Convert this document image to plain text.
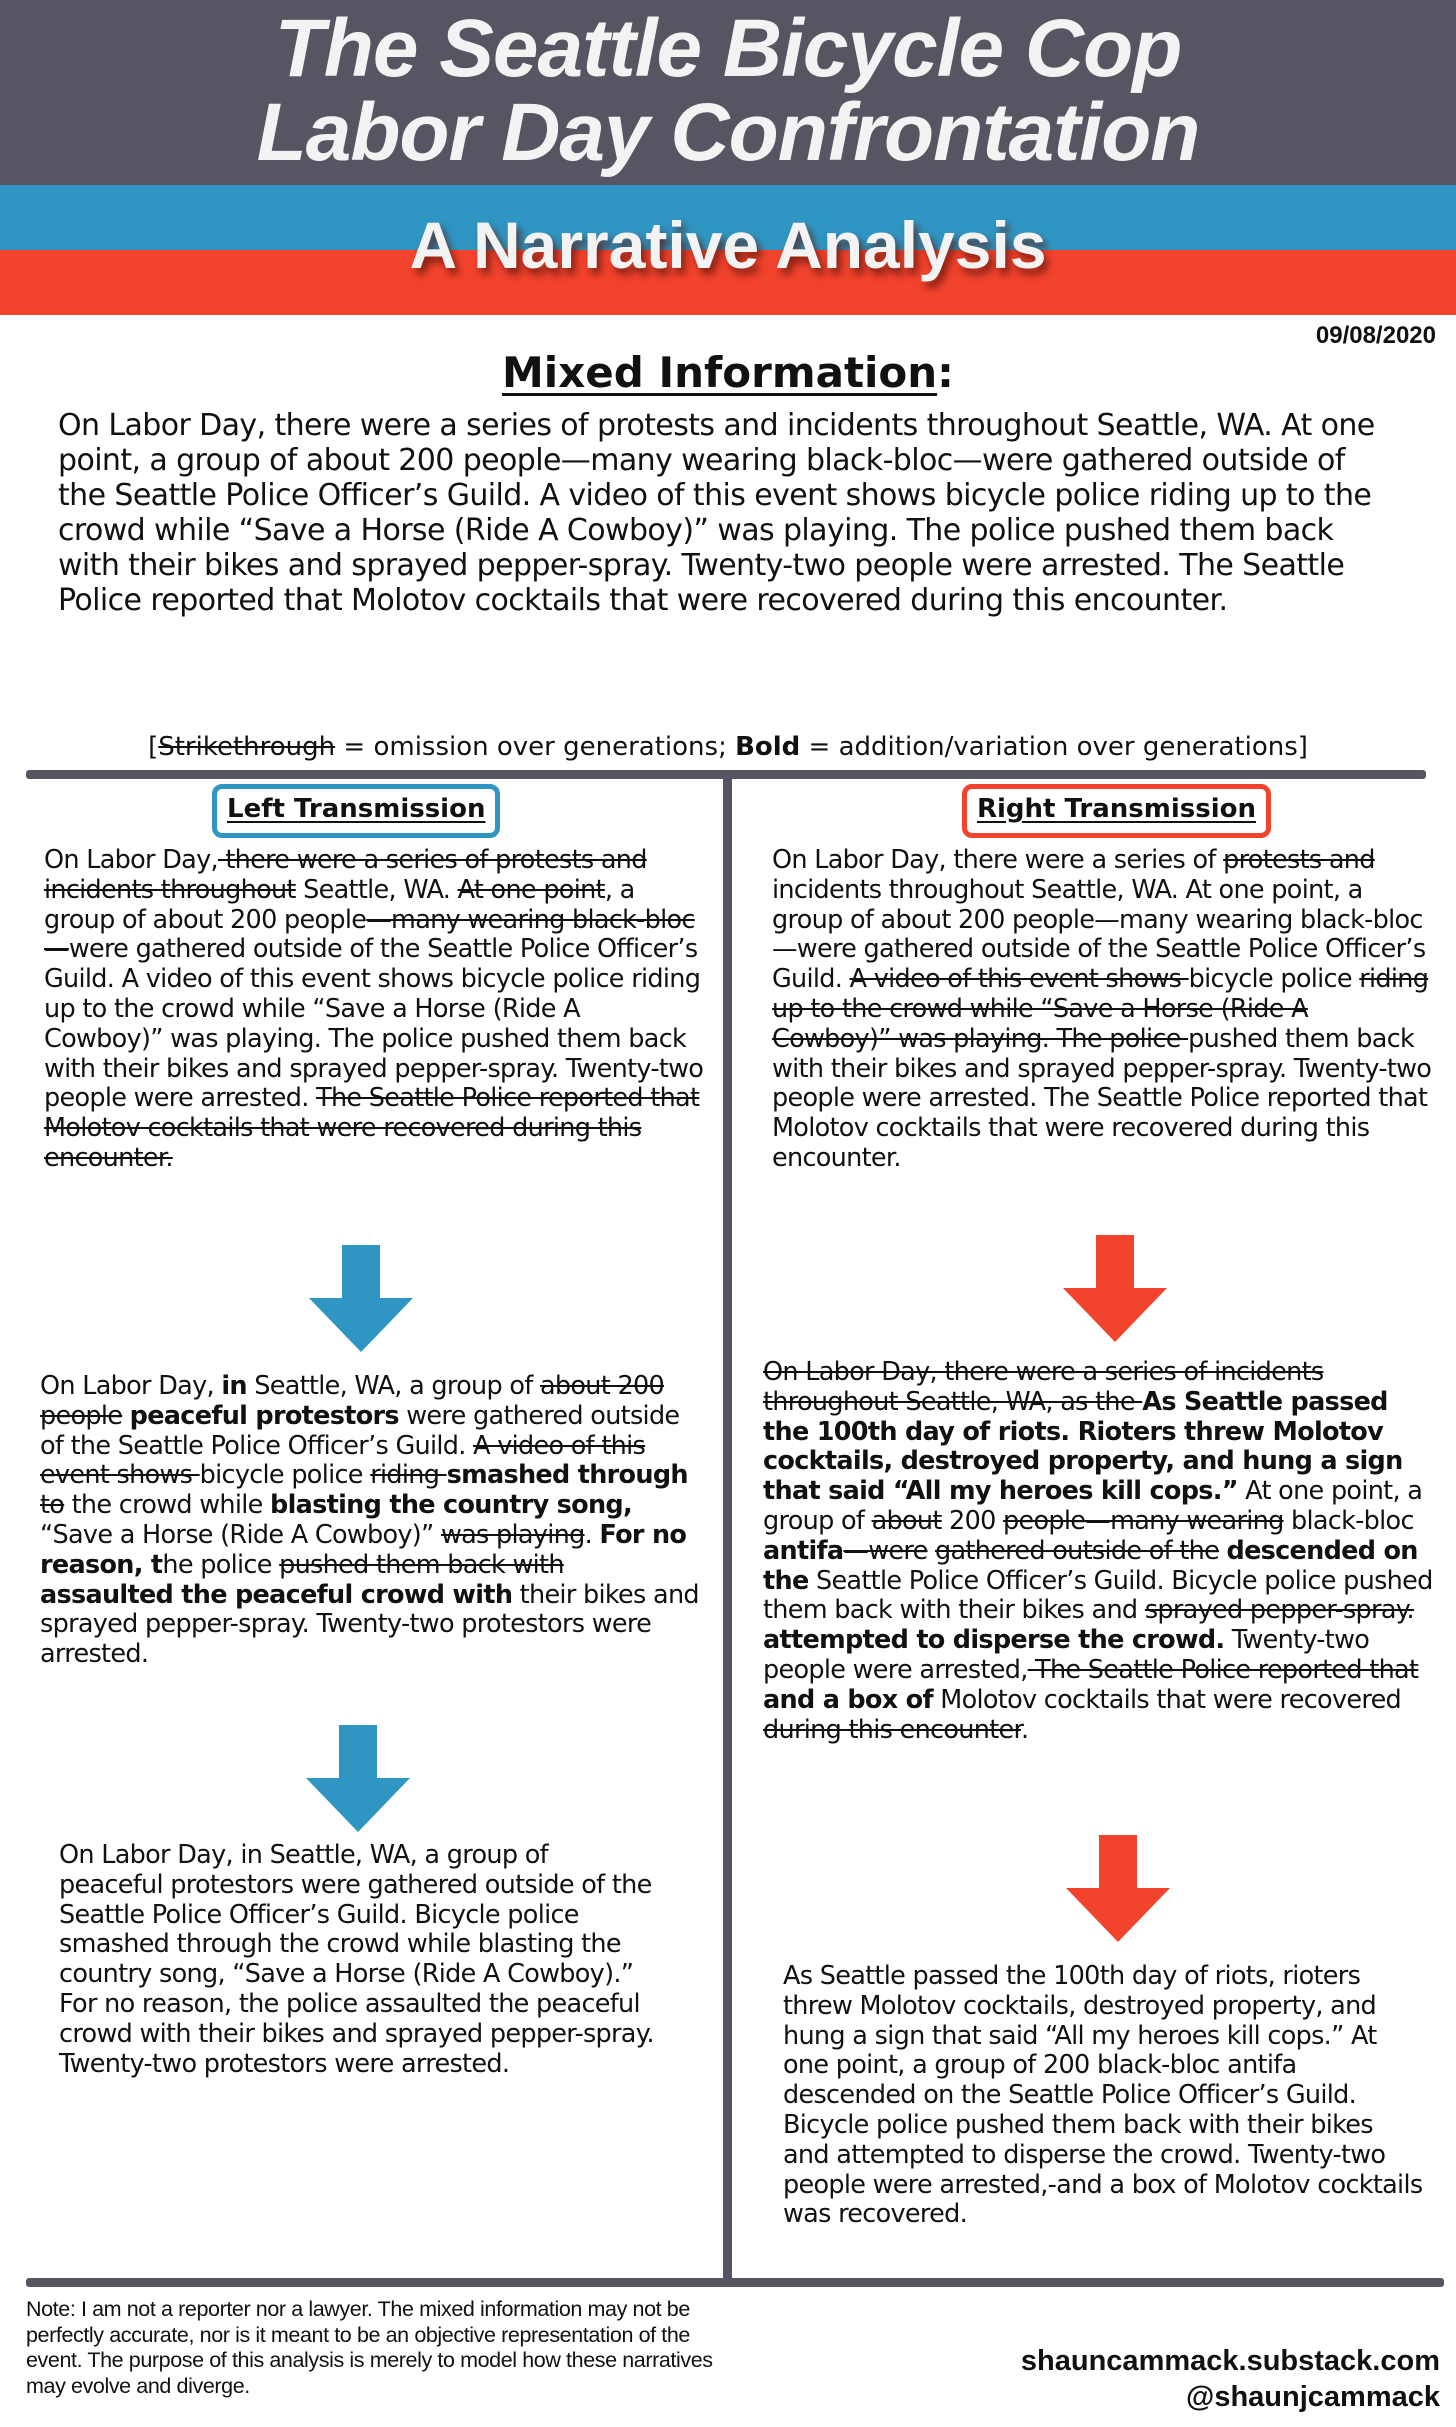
The Seattle Bicycle Cop
Labor Day Confrontation
A Narrative Analysis
09/08/2020
Mixed Information:
On Labor Day, there were a series of protests and incidents throughout Seattle, WA. At one point, a group of about 200 people—many wearing black-bloc—were gathered outside of the Seattle Police Officer’s Guild. A video of this event shows bicycle police riding up to the crowd while “Save a Horse (Ride A Cowboy)” was playing. The police pushed them back with their bikes and sprayed pepper-spray. Twenty-two people were arrested. The Seattle Police reported that Molotov cocktails that were recovered during this encounter.
[Strikethrough = omission over generations; Bold = addition/variation over generations]
Left Transmission
On Labor Day, there were a series of protests and incidents throughout Seattle, WA. At one point, a group of about 200 people—many wearing black-bloc—were gathered outside of the Seattle Police Officer’s Guild. A video of this event shows bicycle police riding up to the crowd while “Save a Horse (Ride A Cowboy)” was playing. The police pushed them back with their bikes and sprayed pepper-spray. Twenty-two people were arrested. The Seattle Police reported that Molotov cocktails that were recovered during this encounter.
On Labor Day, in Seattle, WA, a group of about 200 people peaceful protestors were gathered outside of the Seattle Police Officer’s Guild. A video of this event shows bicycle police riding smashed through to the crowd while blasting the country song, “Save a Horse (Ride A Cowboy)” was playing. For no reason, the police pushed them back with assaulted the peaceful crowd with their bikes and sprayed pepper-spray. Twenty-two protestors were arrested.
On Labor Day, in Seattle, WA, a group of peaceful protestors were gathered outside of the Seattle Police Officer’s Guild. Bicycle police smashed through the crowd while blasting the country song, “Save a Horse (Ride A Cowboy).” For no reason, the police assaulted the peaceful crowd with their bikes and sprayed pepper-spray. Twenty-two protestors were arrested.
Right Transmission
On Labor Day, there were a series of protests and incidents throughout Seattle, WA. At one point, a group of about 200 people—many wearing black-bloc—were gathered outside of the Seattle Police Officer’s Guild. A video of this event shows bicycle police riding up to the crowd while “Save a Horse (Ride A Cowboy)” was playing. The police pushed them back with their bikes and sprayed pepper-spray. Twenty-two people were arrested. The Seattle Police reported that Molotov cocktails that were recovered during this encounter.
On Labor Day, there were a series of incidents throughout Seattle, WA, as the As Seattle passed the 100th day of riots. Rioters threw Molotov cocktails, destroyed property, and hung a sign that said “All my heroes kill cops.” At one point, a group of about 200 people—many wearing black-bloc antifa—were gathered outside of the descended on the Seattle Police Officer’s Guild. Bicycle police pushed them back with their bikes and sprayed pepper-spray. attempted to disperse the crowd. Twenty-two people were arrested, The Seattle Police reported that and a box of Molotov cocktails that were recovered during this encounter.
As Seattle passed the 100th day of riots, rioters threw Molotov cocktails, destroyed property, and hung a sign that said “All my heroes kill cops.” At one point, a group of 200 black-bloc antifa descended on the Seattle Police Officer’s Guild. Bicycle police pushed them back with their bikes and attempted to disperse the crowd. Twenty-two people were arrested,-and a box of Molotov cocktails was recovered.
Note: I am not a reporter nor a lawyer. The mixed information may not be perfectly accurate, nor is it meant to be an objective representation of the event. The purpose of this analysis is merely to model how these narratives may evolve and diverge.
shauncammack.substack.com
@shaunjcammack
